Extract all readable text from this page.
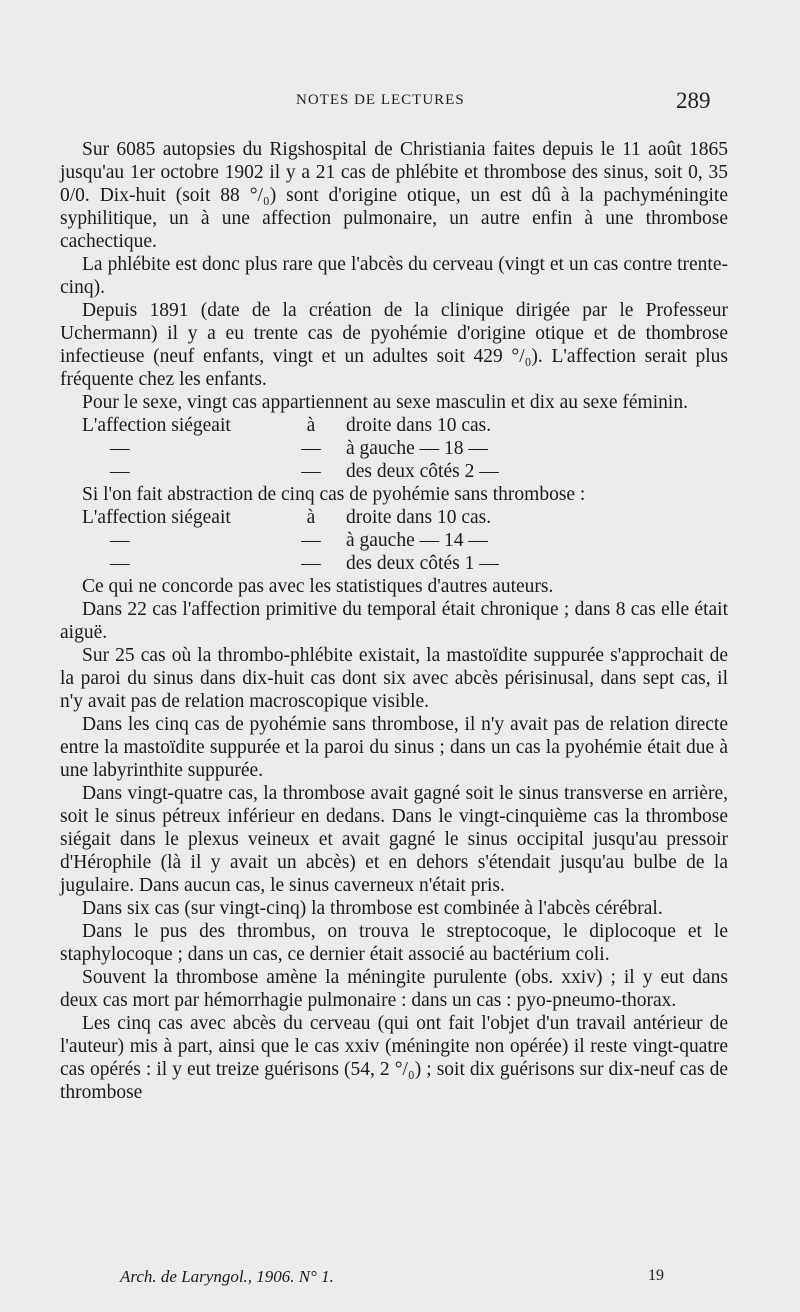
NOTES DE LECTURES	289

Sur 6085 autopsies du Rigshospital de Christiania faites depuis le 11 août 1865 jusqu'au 1er octobre 1902 il y a 21 cas de phlébite et thrombose des sinus, soit 0, 35 0/0. Dix-huit (soit 88 °/₀) sont d'origine otique, un est dû à la pachyméningite syphilitique, un à une affection pulmonaire, un autre enfin à une thrombose cachectique.

La phlébite est donc plus rare que l'abcès du cerveau (vingt et un cas contre trente-cinq).

Depuis 1891 (date de la création de la clinique dirigée par le Professeur Uchermann) il y a eu trente cas de pyohémie d'origine otique et de thombrose infectieuse (neuf enfants, vingt et un adultes soit 429 °/₀). L'affection serait plus fréquente chez les enfants.

Pour le sexe, vingt cas appartiennent au sexe masculin et dix au sexe féminin.

L'affection siégeait	à	droite dans 10 cas.
—	—	à gauche — 18 —
—	—	des deux côtés 2 —

Si l'on fait abstraction de cinq cas de pyohémie sans thrombose :

L'affection siégeait	à	droite dans 10 cas.
—	—	à gauche — 14 —
—	—	des deux côtés 1 —

Ce qui ne concorde pas avec les statistiques d'autres auteurs.

Dans 22 cas l'affection primitive du temporal était chronique ; dans 8 cas elle était aiguë.

Sur 25 cas où la thrombo-phlébite existait, la mastoïdite suppurée s'approchait de la paroi du sinus dans dix-huit cas dont six avec abcès périsinusal, dans sept cas, il n'y avait pas de relation macroscopique visible.

Dans les cinq cas de pyohémie sans thrombose, il n'y avait pas de relation directe entre la mastoïdite suppurée et la paroi du sinus ; dans un cas la pyohémie était due à une labyrinthite suppurée.

Dans vingt-quatre cas, la thrombose avait gagné soit le sinus transverse en arrière, soit le sinus pétreux inférieur en dedans. Dans le vingt-cinquième cas la thrombose siégait dans le plexus veineux et avait gagné le sinus occipital jusqu'au pressoir d'Hérophile (là il y avait un abcès) et en dehors s'étendait jusqu'au bulbe de la jugulaire. Dans aucun cas, le sinus caverneux n'était pris.

Dans six cas (sur vingt-cinq) la thrombose est combinée à l'abcès cérébral.

Dans le pus des thrombus, on trouva le streptocoque, le diplocoque et le staphylocoque ; dans un cas, ce dernier était associé au bactérium coli.

Souvent la thrombose amène la méningite purulente (obs. xxiv) ; il y eut dans deux cas mort par hémorrhagie pulmonaire : dans un cas : pyo-pneumo-thorax.

Les cinq cas avec abcès du cerveau (qui ont fait l'objet d'un travail antérieur de l'auteur) mis à part, ainsi que le cas xxiv (méningite non opérée) il reste vingt-quatre cas opérés : il y eut treize guérisons (54, 2 °/₀) ; soit dix guérisons sur dix-neuf cas de thrombose

Arch. de Laryngol., 1906. N° 1.	19
